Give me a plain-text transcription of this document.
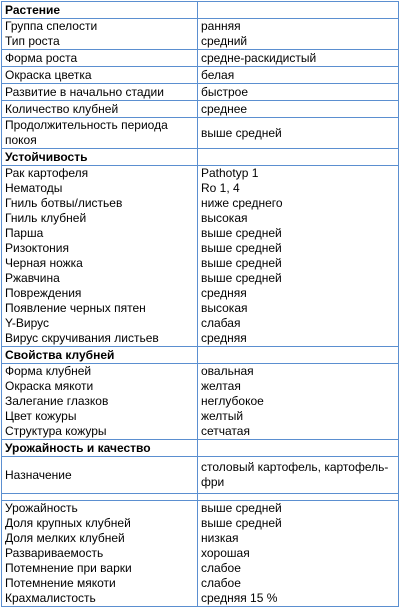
Растение	
Группа спелости	ранняя
Тип роста	средний
Форма роста	средне-раскидистый
Окраска цветка	белая
Развитие в начально стадии	быстрое
Количество клубней	среднее
Продолжительность периода покоя	выше средней
Устойчивость	
Рак картофеля	Pathotyp 1
Нематоды	Ro 1, 4
Гниль ботвы/листьев	ниже среднего
Гниль клубней	высокая
Парша	выше средней
Ризоктония	выше средней
Черная ножка	выше средней
Ржавчина	выше средней
Повреждения	средняя
Появление черных пятен	высокая
Y-Вирус	слабая
Вирус скручивания листьев	средняя
Свойства клубней	
Форма клубней	овальная
Окраска мякоти	желтая
Залегание глазков	неглубокое
Цвет кожуры	желтый
Структура кожуры	сетчатая
Урожайность и качество	
Назначение	столовый картофель, картофель-фри

Урожайность	выше средней
Доля крупных клубней	выше средней
Доля мелких клубней	низкая
Развариваемость	хорошая
Потемнение при варки	слабое
Потемнение мякоти	слабое
Крахмалистость	средняя 15 %
